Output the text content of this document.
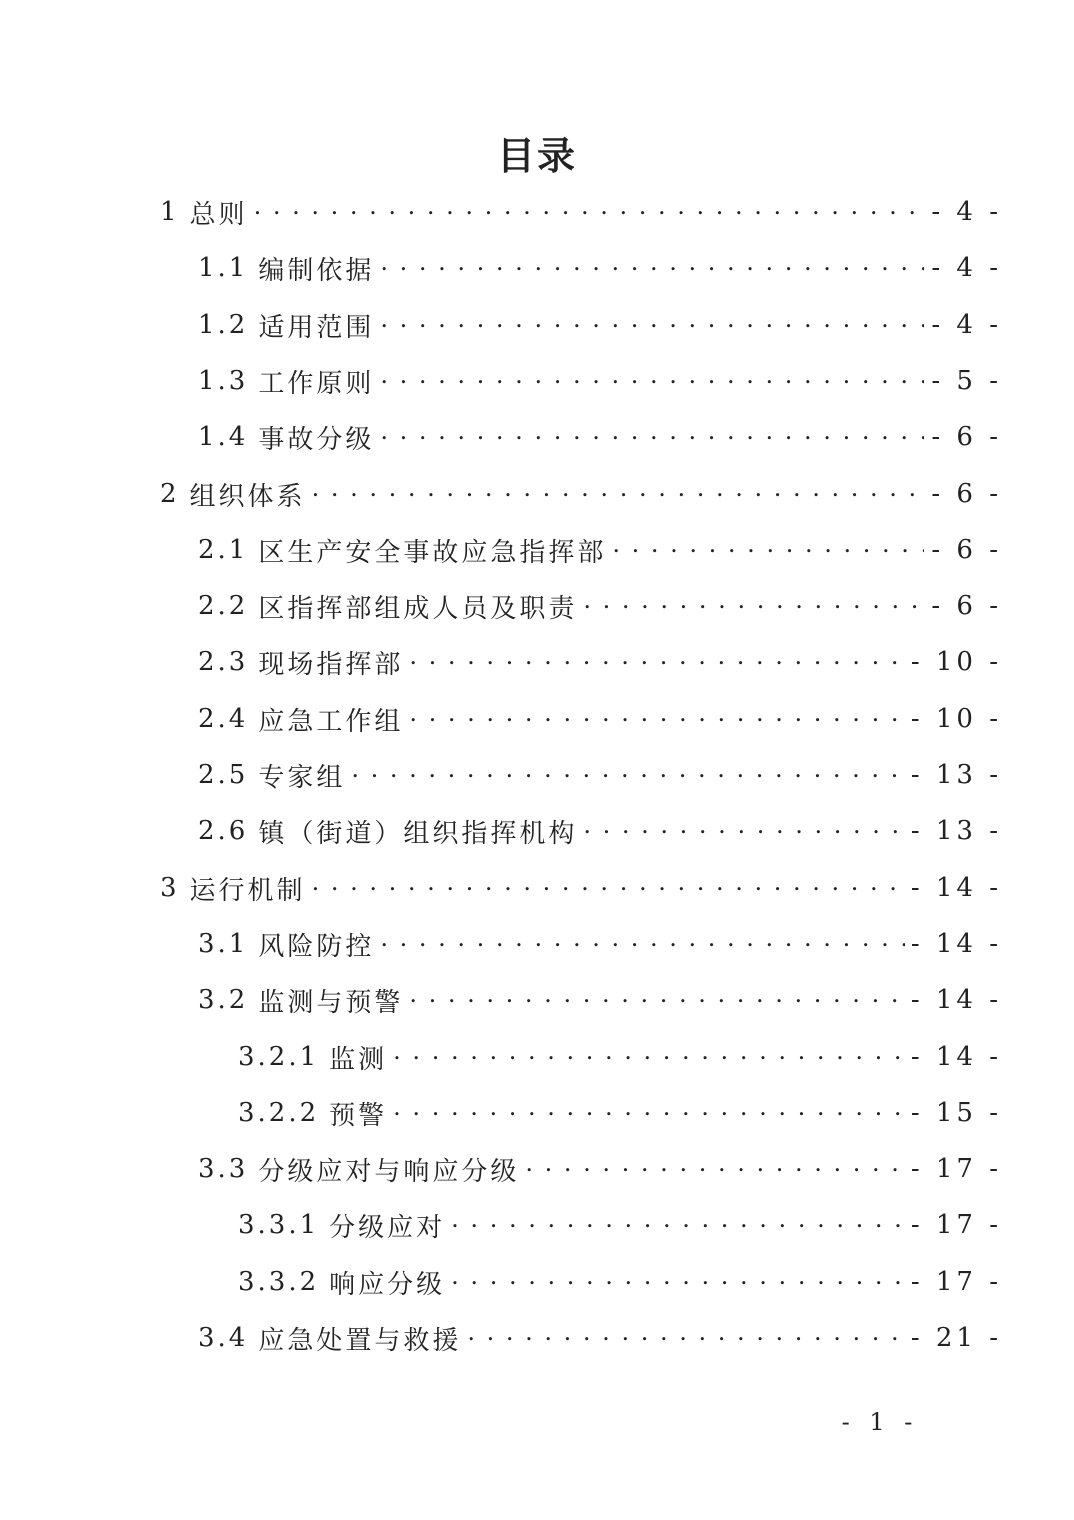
目录
1 总则 . . .	- 4 -
1.1 编制依据 . . .	- 4 -
1.2 适用范围 . . .	- 4 -
1.3 工作原则 . . .	- 5 -
1.4 事故分级 . . .	- 6 -
2 组织体系 . . .	- 6 -
2.1 区生产安全事故应急指挥部 . . .	- 6 -
2.2 区指挥部组成人员及职责 . . .	- 6 -
2.3 现场指挥部 . . .	- 10 -
2.4 应急工作组 . . .	- 10 -
2.5 专家组 . . .	- 13 -
2.6 镇（街道）组织指挥机构 . . .	- 13 -
3 运行机制 . . .	- 14 -
3.1 风险防控 . . .	- 14 -
3.2 监测与预警 . . .	- 14 -
3.2.1 监测 . . .	- 14 -
3.2.2 预警 . . .	- 15 -
3.3 分级应对与响应分级 . . .	- 17 -
3.3.1 分级应对 . . .	- 17 -
3.3.2 响应分级 . . .	- 17 -
3.4 应急处置与救援 . . .	- 21 -
- 1 -
